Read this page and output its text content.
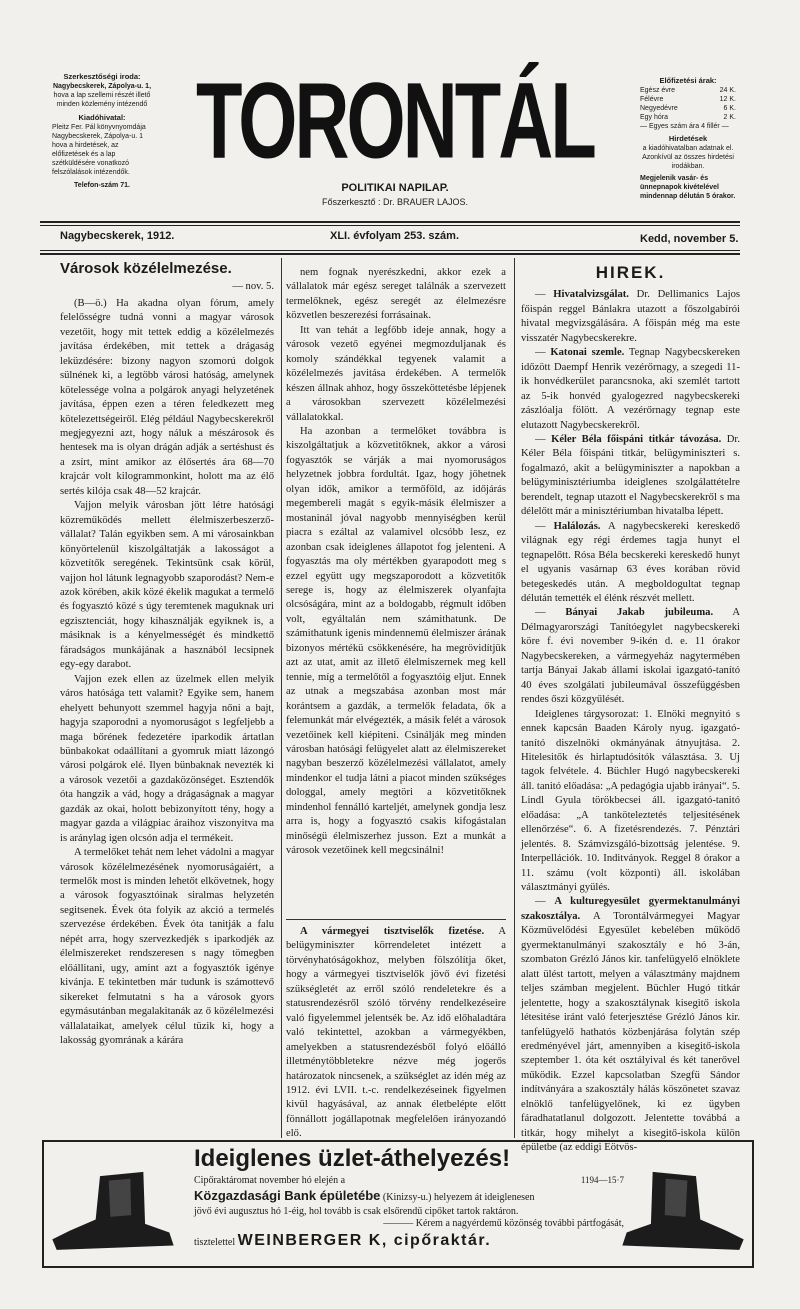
Szerkesztőségi iroda:
Nagybecskerek, Zápolya-u. 1,
hova a lap szellemi részét illető minden közlemény intézendő
Kiadóhivatal:
Pleitz Fer. Pál könyvnyomdája Nagybecskerek, Zápolya-u. 1 hova a hirdetések, az előfizetések és a lap szétküldésére vonatkozó felszólalások intézendők.
Telefon-szám 71.
TORONTÁL
POLITIKAI NAPILAP.
Főszerkesztő : Dr. BRAUER LAJOS.
Előfizetési árak:
Egész évre	24 K.
Félévre	12 K.
Negyedévre	6 K.
Egy hóra	2 K.
— Egyes szám ára 4 fillér —
Hirdetések
a kiadóhivatalban adatnak el. Azonkívül az összes hirdetési irodákban.
Megjelenik vasár- és ünnepnapok kivételével mindennap délután 5 órakor.
Nagybecskerek, 1912.	XLI. évfolyam 253. szám.	Kedd, november 5.
Városok közélelmezése.
— nov. 5.

(B—ö.) Ha akadna olyan fórum, amely felelősségre tudná vonni a magyar városok vezetőit, hogy mit tettek eddig a közélelmezés javítása érdekében, mit tettek a drágaság leküzdésére: bizony nagyon szomorú dolgok sülnének ki, a legtöbb városi hatóság, amelynek kötelessége volna a polgárok anyagi helyzetének javítása, éppen ezen a téren feledkezett meg kötelezettségeiről. Elég például Nagybecskerekről megjegyezni azt, hogy náluk a mészárosok és hentesek ma is olyan drágán adják a sertéshust és a zsírt, mint amikor az élősertés ára 68—70 krajcár volt kilogrammonkint, holott ma az élő sertés kilója csak 48—52 krajcár.

Vajjon melyik városban jött létre hatósági közreműködés mellett élelmiszerbeszerző-vállalat? Talán egyikben sem. A mi városainkban könyörtelenül kiszolgáltatják a lakosságot a közvetítők seregének. Tekintsünk csak körül, vajjon hol látunk legnagyobb szaporodást? Nem-e azok körében, akik közé ékelik magukat a termelő és fogyasztó közé s úgy teremtenek maguknak uri egzisztenciát, hogy kihasználják egyiknek is, a másiknak is a kényelmességét és mindkettő fáradságos munkájának a hasznából lecsipnek egy-egy darabot.

Vajjon ezek ellen az üzelmek ellen melyik város hatósága tett valamit? Egyike sem, hanem ehelyett behunyott szemmel hagyja nőni a bajt, hagyja szaporodni a nyomoruságot s legfeljebb a maga bőrének fedezetére iparkodik ártatlan bünbakokat odaállítani a gyomruk miatt lázongó városi polgárok elé. Ilyen bünbaknak nevezték ki a városok vezetői a gazdaközönséget. Esztendők óta hangzik a vád, hogy a drágaságnak a magyar gazdák az okai, holott bebizonyított tény, hogy a magyar gazda a világpiac áraihoz viszonyitva ma is aránylag igen olcsón adja el termékeit.

A termelőket tehát nem lehet vádolni a magyar városok közélelmezésének nyomoruságaiért, a termelők most is minden lehetőt elkövetnek, hogy a városok fogyasztóinak siralmas helyzetén segitsenek. Évek óta folyik az akció a termelés szervezése érdekében. Évek óta tanitják a falu népét arra, hogy szervezkedjék s iparkodjék az élelmiszereket rendszeresen s nagy tömegben előállitani, ugy, amint azt a fogyasztók igénye kivánja. E tekintetben már tudunk is számottevő sikereket felmutatni s ha a városok gyors egymásutánban megalakitanák az ő közélelmezési vállalataikat, amelyek célul tüzik ki, hogy a lakosság gyomrának a kárára

nem fognak nyerészkedni, akkor ezek a vállalatok már egész sereget találnák a szervezett termelőknek, egész seregét az élelmezésre közvetlen beszerezési forrásainak.

Itt van tehát a legfőbb ideje annak, hogy a városok vezető egyénei megmozduljanak és komoly szándékkal tegyenek valamit a közélelmezés javitása érdekében. A termelők készen állnak ahhoz, hogy összeköttetésbe lépjenek a városokban szervezett közélelmezési vállalatokkal.

Ha azonban a termelőket továbbra is kiszolgáltatjuk a közvetitőknek, akkor a városi fogyasztók se várják a mai nyomoruságos helyzetnek jobbra fordultát. Igaz, hogy jöhetnek olyan idők, amikor a termőföld, az időjárás megembereli magát s egyik-másik élelmiszer a mostaninál jóval nagyobb mennyiségben kerül piacra s ezáltal az valamivel olcsóbb lesz, ez azonban csak ideiglenes állapotot fog jelenteni. A fogyasztás ma oly mértékben gyarapodott meg s ezzel együtt ugy megszaporodott a közvetitők serege is, hogy az élelmiszerek olyanfajta olcsóságára, mint az a boldogabb, régmult időben volt, egyáltalán nem számithatunk. De számithatunk igenis mindennemü élelmiszer árának bizonyos mértékü csökkenésére, ha megrövidítjük azt az utat, amit az illető élelmiszernek meg kell tennie, míg a termelőtől a fogyasztóig eljut. Ennek az utnak a megszabása azonban most már korántsem a gazdák, a termelők feladata, ők a felemunkát már elvégezték, a másik felét a városok vezetőinek kell kiépiteni. Csinálják meg minden városban hatósági felügyelet alatt az élelmiszereket nagyban beszerző közélelmezési vállalatot, amely mindenkor el tudja látni a piacot minden szükséges dologgal, amely megtöri a közvetitőknek mindenhol fennálló karteljét, amelynek gondja lesz arra is, hogy a fogyasztó csakis kifogástalan minőségü élelmiszerhez jusson. Ezt a munkát a városok vezetőinek kell megcsinálni!

A vármegyei tisztviselők fizetése. A belügyminiszter körrendeletet intézett a törvényhatóságokhoz, melyben fölszólítja őket, hogy a vármegyei tisztviselők jövő évi fizetési szükségletét az erről szóló rendeletekre és a statusrendezésről szóló törvény rendelkezéseire való figyelemmel jelentsék be. Az idő előhaladtára való tekintettel, azokban a vármegyékben, amelyekben a statusrendezésből folyó előálló illetménytöbbletekre nézve még jogerős határozatok nincsenek, a szükséglet az idén még az 1912. évi LVII. t.-c. rendelkezéseinek figyelmen kivül hagyásával, az annak életbelépte előtt fönnállott jogállapotnak megfelelően irányozandó elő.

HIREK.

— Hivatalvizsgálat. Dr. Dellimanics Lajos főispán reggel Bánlakra utazott a főszolgabírói hivatal megvizsgálására. A főispán még ma este visszatér Nagybecskerekre.

— Katonai szemle. Tegnap Nagybecskereken időzött Daempf Henrik vezérőrnagy, a szegedi 11-ik honvédkerület parancsnoka, aki szemlét tartott az 5-ik honvéd gyalogezred nagybecskereki zászlóalja fölött. A vezérőrnagy tegnap este elutazott Nagybecskerekről.

— Kéler Béla főispáni titkár távozása. Dr. Kéler Béla főispáni titkár, belügyminiszteri s. fogalmazó, akit a belügyminiszter a napokban a belügyminisztériumba ideiglenes szolgálattételre berendelt, tegnap utazott el Nagybecskerekről s ma délelőtt már a minisztériumban hivatalba lépett.

— Halálozás. A nagybecskereki kereskedő világnak egy régi érdemes tagja hunyt el tegnapelőtt. Rósa Béla becskereki kereskedő hunyt el ugyanis vasárnap 63 éves korában rövid betegeskedés után. A megboldogultat tegnap délután temették el élénk részvét mellett.

— Bányai Jakab jubileuma. A Délmagyarországi Tanítóegylet nagybecskereki köre f. évi november 9-ikén d. e. 11 órakor Nagybecskereken, a vármegyeház nagytermében tartja Bányai Jakab állami iskolai igazgató-tanító 40 éves szolgálati jubileumával összefüggésben rendes őszi közgyűlését.

Ideiglenes tárgysorozat: 1. Elnöki megnyitó s ennek kapcsán Baaden Károly nyug. igazgató-tanító diszelnöki okmányának átnyujtása. 2. Hitelesitők és hirlaptudósitók választása. 3. Uj tagok felvétele. 4. Büchler Hugó nagybecskereki áll. tanitó előadása: „A pedagógia ujabb irányai“. 5. Lindl Gyula törökbecsei áll. igazgató-tanitó előadása: „A tanköteleztetés teljesitésének ellenőrzése“. 6. A fizetésrendezés. 7. Pénztári jelentés. 8. Számvizsgáló-bizottság jelentése. 9. Interpellációk. 10. Inditványok. Reggel 8 órakor a 11. számu (volt központi) áll. iskolában választmányi gyülés.

— A kulturegyesület gyermektanulmányi szakosztálya. A Torontálvármegyei Magyar Közművelődési Egyesület kebelében működő gyermektanulmányi szakosztály e hó 3-án, szombaton Grézló János kir. tanfelügyelő elnöklete alatt ülést tartott, melyen a választmány majdnem teljes számban megjelent. Büchler Hugó titkár jelentette, hogy a szakosztálynak kisegitő iskola létesitése iránt való feterjesztése Grézló János kir. tanfelügyelő hathatós közbenjárása folytán szép eredményével járt, amennyiben a kisegitő-iskola szeptember 1. óta két osztályival és két tanerővel működik. Ezzel kapcsolatban Szegfü Sándor indítványára a szakosztály hálás köszönetet szavaz elnöklő tanfelügyelőnek, ki ez ügyben fáradhatatlanul dolgozott. Jelentette továbbá a titkár, hogy mihelyt a kisegitő-iskola külön épületbe (az eddigi Eötvös-

Ideiglenes üzlet-áthelyezés!
Cipőraktáromat november hó elején a	1194—15·7
Közgazdasági Bank épületébe (Kinizsy-u.) helyezem át ideiglenesen
jövő évi augusztus hó 1-éig, hol tovább is csak elsőrendű cipőket tartok raktáron.
——— Kérem a nagyérdemű közönség további pártfogását,
tisztelettel WEINBERGER K, cipőraktár.
